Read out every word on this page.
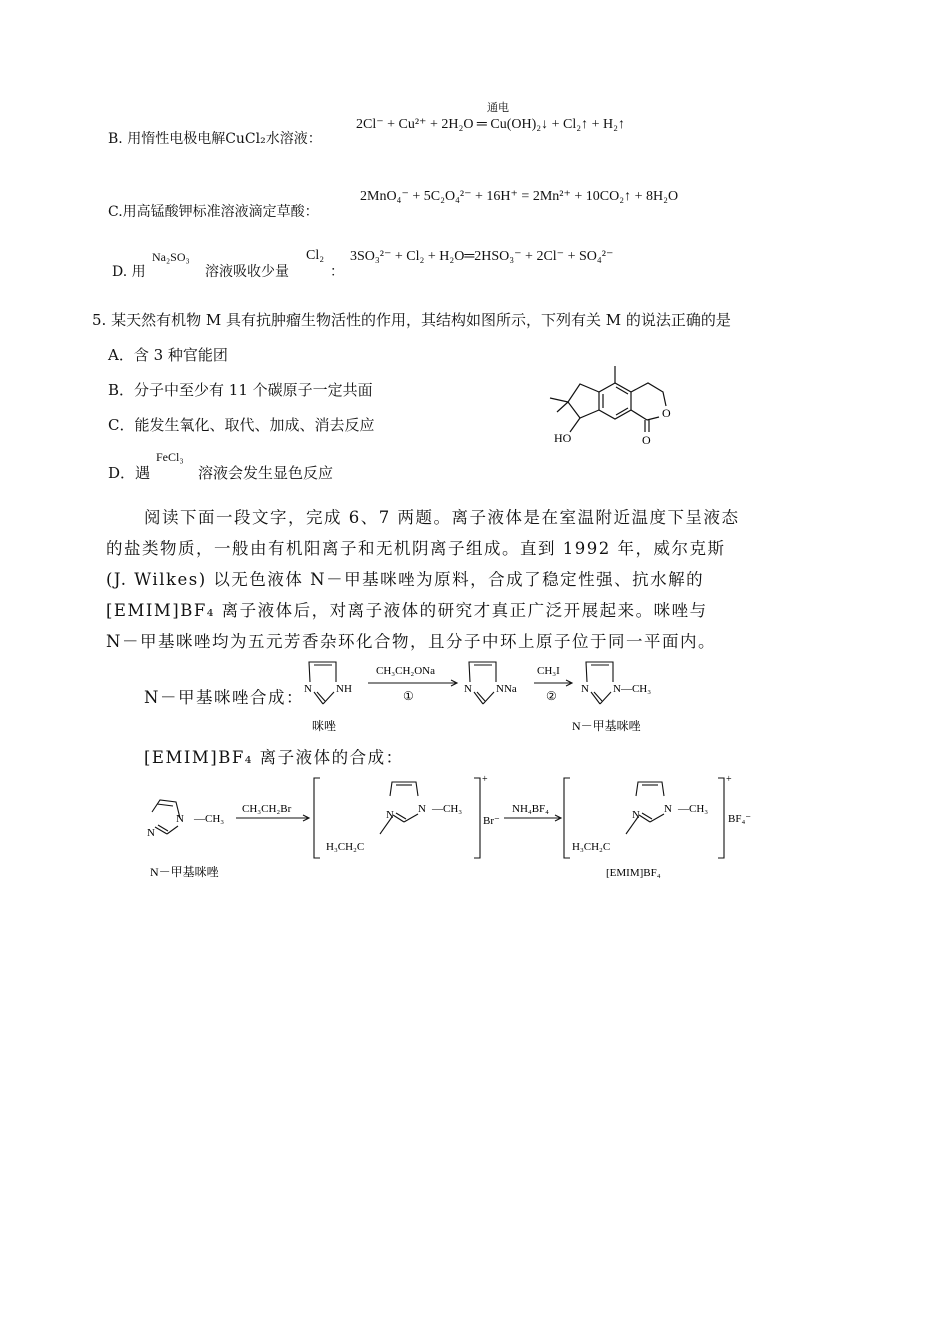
B. 用惰性电极电解CuCl₂水溶液：
通电
2Cl⁻ + Cu²⁺ + 2H₂O ═ Cu(OH)₂↓ + Cl₂↑ + H₂↑
C.用高锰酸钾标准溶液滴定草酸：
2MnO₄⁻ + 5C₂O₄²⁻ + 16H⁺ = 2Mn²⁺ + 10CO₂↑ + 8H₂O
D. 用
Na₂SO₃
溶液吸收少量
Cl₂
：
3SO₃²⁻ + Cl₂ + H₂O═2HSO₃⁻ + 2Cl⁻ + SO₄²⁻
5. 某天然有机物 M 具有抗肿瘤生物活性的作用，其结构如图所示，下列有关 M 的说法正确的是
A．含 3 种官能团
B．分子中至少有 11 个碳原子一定共面
C．能发生氧化、取代、加成、消去反应
D．遇
FeCl₃
溶液会发生显色反应
HO
O
O
阅读下面一段文字，完成 6、7 两题。离子液体是在室温附近温度下呈液态
的盐类物质，一般由有机阳离子和无机阴离子组成。直到 1992 年，威尔克斯
(J. Wilkes) 以无色液体 N－甲基咪唑为原料，合成了稳定性强、抗水解的
[EMIM]BF₄ 离子液体后，对离子液体的研究才真正广泛开展起来。咪唑与
N－甲基咪唑均为五元芳香杂环化合物，且分子中环上原子位于同一平面内。
N－甲基咪唑合成： N NH
咪唑
CH₃CH₂ONa
①	N NNa
CH₃I
② N N—CH₃
N－甲基咪唑
[EMIM]BF₄ 离子液体的合成：
N —CH₃
N
N－甲基咪唑
CH₃CH₂Br	N —CH₃
N
H₃CH₂C
+
Br⁻
NH₄BF₄	N —CH₃
N
H₃CH₂C
+
BF₄⁻
[EMIM]BF₄
